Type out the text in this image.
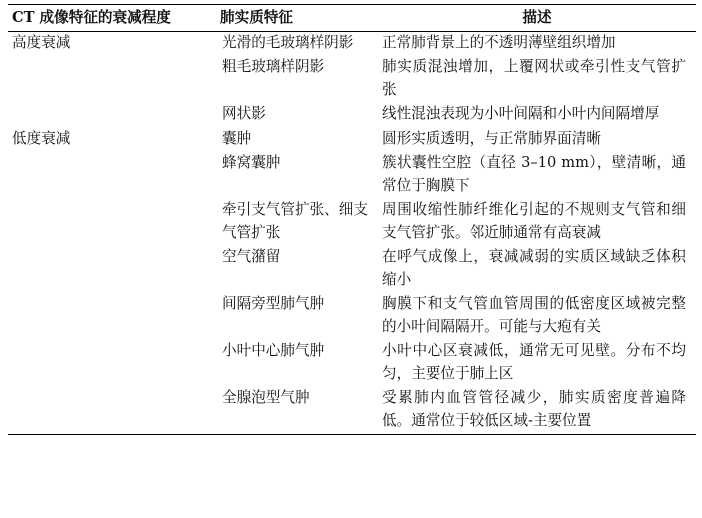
CT 成像特征的衰减程度	肺实质特征	描述
高度衰减	光滑的毛玻璃样阴影	正常肺背景上的不透明薄壁组织增加
	粗毛玻璃样阴影	肺实质混浊增加，上覆网状或牵引性支气管扩张
	网状影	线性混浊表现为小叶间隔和小叶内间隔增厚
低度衰减	囊肿	圆形实质透明，与正常肺界面清晰
	蜂窝囊肿	簇状囊性空腔（直径 3–10 mm），壁清晰，通常位于胸膜下
	牵引支气管扩张、细支气管扩张	周围收缩性肺纤维化引起的不规则支气管和细支气管扩张。邻近肺通常有高衰减
	空气潴留	在呼气成像上，衰减减弱的实质区域缺乏体积缩小
	间隔旁型肺气肿	胸膜下和支气管血管周围的低密度区域被完整的小叶间隔隔开。可能与大疱有关
	小叶中心肺气肿	小叶中心区衰减低，通常无可见壁。分布不均匀，主要位于肺上区
	全腺泡型气肿	受累肺内血管管径减少，肺实质密度普遍降低。通常位于较低区域-主要位置
